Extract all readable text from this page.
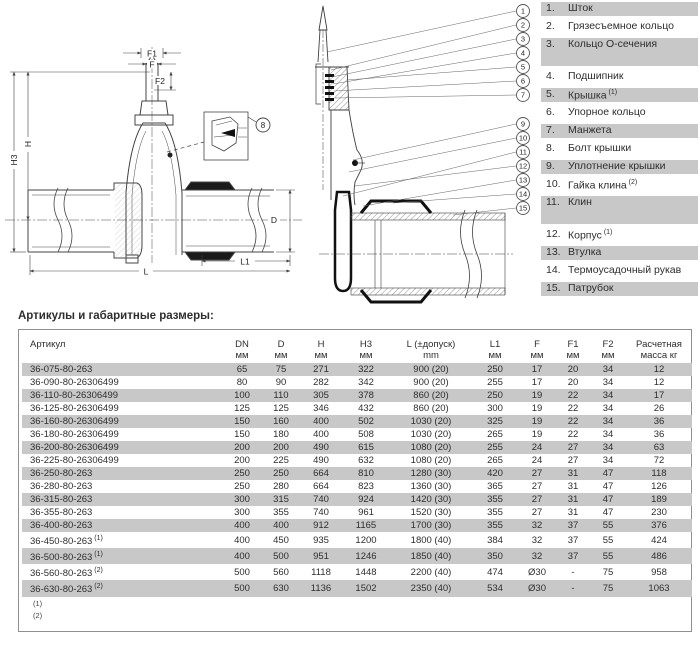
H3
H
F1
F
F2
D
L1
L
8
1
2
3
4
5
6
7
9
10
11
12
13
14
15
1.	Шток
2.	Грязесъемное кольцо
3.	Кольцо О-сечения
4.	Подшипник
5.	Крышка $^{(1)}$
6.	Упорное кольцо
7.	Манжета
8.	Болт крышки
9.	Уплотнение крышки
10. Гайка клина $^{(2)}$
11. Клин
12. Корпус $^{(1)}$
13. Втулка
14. Термоусадочный рукав
15. Патрубок
Артикулы и габаритные размеры:
Артикул	DN	D	H	H3	L (±допуск)	L1	F	F1	F2	Расчетная
	мм	мм	мм	мм	mm	мм	мм	мм	мм	масса кг
36-075-80-263	65	75	271	322	900 (20)	250	17	20	34	12
36-090-80-26306499	80	90	282	342	900 (20)	255	17	20	34	12
36-110-80-26306499	100	110	305	378	860 (20)	250	19	22	34	17
36-125-80-26306499	125	125	346	432	860 (20)	300	19	22	34	26
36-160-80-26306499	150	160	400	502	1030 (20)	325	19	22	34	36
36-180-80-26306499	150	180	400	508	1030 (20)	265	19	22	34	36
36-200-80-26306499	200	200	490	615	1080 (20)	255	24	27	34	63
36-225-80-26306499	200	225	490	632	1080 (20)	265	24	27	34	72
36-250-80-263	250	250	664	810	1280 (30)	420	27	31	47	118
36-280-80-263	250	280	664	823	1360 (30)	365	27	31	47	126
36-315-80-263	300	315	740	924	1420 (30)	355	27	31	47	189
36-355-80-263	300	355	740	961	1520 (30)	355	27	31	47	230
36-400-80-263	400	400	912	1165	1700 (30)	355	32	37	55	376
36-450-80-263 $^{(1)}$	400	450	935	1200	1800 (40)	384	32	37	55	424
36-500-80-263 $^{(1)}$	400	500	951	1246	1850 (40)	350	32	37	55	486
36-560-80-263 $^{(2)}$	500	560	1118	1448	2200 (40)	474	Ø30	-	75	958
36-630-80-263 $^{(2)}$	500	630	1136	1502	2350 (40)	534	Ø30	-	75	1063
(1)
(2)
